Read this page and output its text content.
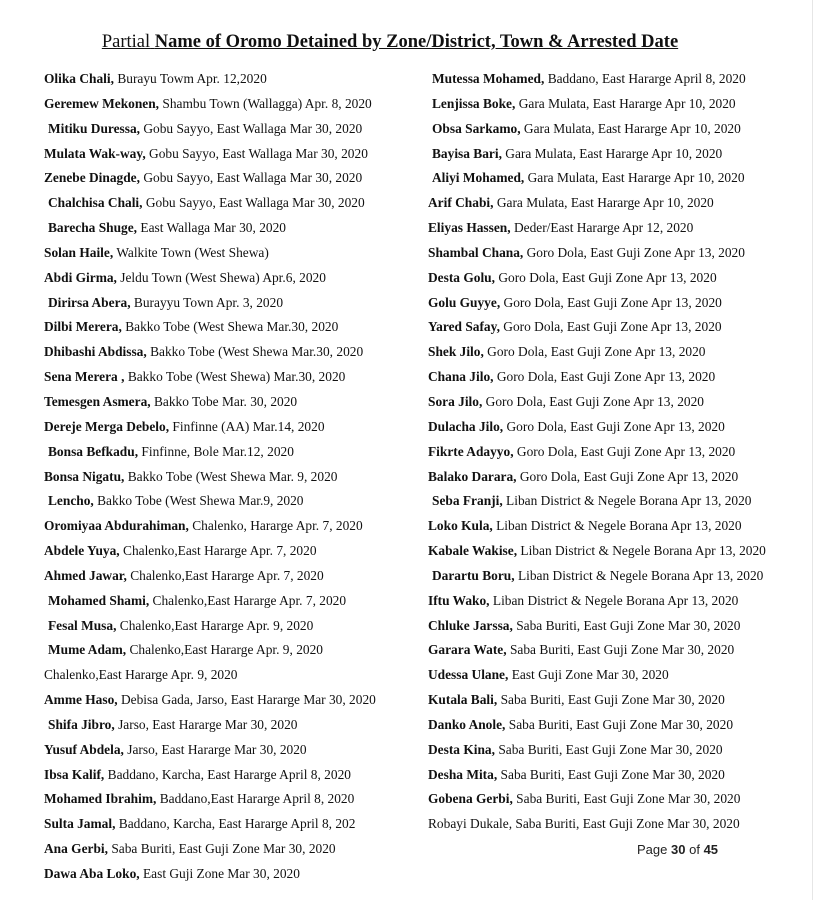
Partial Name of Oromo Detained by Zone/District, Town & Arrested Date
Olika Chali, Burayu Towm Apr. 12,2020
Geremew Mekonen, Shambu Town (Wallagga) Apr. 8, 2020
Mitiku Duressa, Gobu Sayyo, East Wallaga Mar 30, 2020
Mulata Wak-way, Gobu Sayyo, East Wallaga Mar 30, 2020
Zenebe Dinagde, Gobu Sayyo, East Wallaga Mar 30, 2020
Chalchisa Chali, Gobu Sayyo, East Wallaga Mar 30, 2020
Barecha Shuge, East Wallaga Mar 30, 2020
Solan Haile, Walkite Town (West Shewa)
Abdi Girma, Jeldu Town (West Shewa) Apr.6, 2020
Dirirsa Abera, Burayyu Town Apr. 3, 2020
Dilbi Merera, Bakko Tobe (West Shewa Mar.30, 2020
Dhibashi Abdissa, Bakko Tobe (West Shewa Mar.30, 2020
Sena Merera , Bakko Tobe (West Shewa) Mar.30, 2020
Temesgen Asmera, Bakko Tobe Mar. 30, 2020
Dereje Merga Debelo, Finfinne (AA) Mar.14, 2020
Bonsa Befkadu, Finfinne, Bole Mar.12, 2020
Bonsa Nigatu, Bakko Tobe (West Shewa Mar. 9, 2020
Lencho, Bakko Tobe (West Shewa Mar.9, 2020
Oromiyaa Abdurahiman, Chalenko, Hararge Apr. 7, 2020
Abdele Yuya, Chalenko,East Hararge Apr. 7, 2020
Ahmed Jawar, Chalenko,East Hararge Apr. 7, 2020
Mohamed Shami, Chalenko,East Hararge Apr. 7, 2020
Fesal Musa, Chalenko,East Hararge Apr. 9, 2020
Mume Adam, Chalenko,East Hararge Apr. 9, 2020
Chalenko,East Hararge Apr. 9, 2020
Amme Haso, Debisa Gada, Jarso, East Hararge Mar 30, 2020
Shifa Jibro, Jarso, East Hararge Mar 30, 2020
Yusuf Abdela, Jarso, East Hararge Mar 30, 2020
Ibsa Kalif, Baddano, Karcha, East Hararge April 8, 2020
Mohamed Ibrahim, Baddano,East Hararge April 8, 2020
Sulta Jamal, Baddano, Karcha, East Hararge April 8, 202
Ana Gerbi, Saba Buriti, East Guji Zone Mar 30, 2020
Dawa Aba Loko, East Guji Zone Mar 30, 2020
Mutessa Mohamed, Baddano, East Hararge April 8, 2020
Lenjissa Boke, Gara Mulata, East Hararge Apr 10, 2020
Obsa Sarkamo, Gara Mulata, East Hararge Apr 10, 2020
Bayisa Bari, Gara Mulata, East Hararge Apr 10, 2020
Aliyi Mohamed, Gara Mulata, East Hararge Apr 10, 2020
Arif Chabi, Gara Mulata, East Hararge Apr 10, 2020
Eliyas Hassen, Deder/East Hararge Apr 12, 2020
Shambal Chana, Goro Dola, East Guji Zone Apr 13, 2020
Desta Golu, Goro Dola, East Guji Zone Apr 13, 2020
Golu Guyye, Goro Dola, East Guji Zone Apr 13, 2020
Yared Safay, Goro Dola, East Guji Zone Apr 13, 2020
Shek Jilo, Goro Dola, East Guji Zone Apr 13, 2020
Chana Jilo, Goro Dola, East Guji Zone Apr 13, 2020
Sora Jilo, Goro Dola, East Guji Zone Apr 13, 2020
Dulacha Jilo, Goro Dola, East Guji Zone Apr 13, 2020
Fikrte Adayyo, Goro Dola, East Guji Zone Apr 13, 2020
Balako Darara, Goro Dola, East Guji Zone Apr 13, 2020
Seba Franji, Liban District & Negele Borana Apr 13, 2020
Loko Kula, Liban District & Negele Borana Apr 13, 2020
Kabale Wakise, Liban District & Negele Borana Apr 13, 2020
Darartu Boru, Liban District & Negele Borana Apr 13, 2020
Iftu Wako, Liban District & Negele Borana Apr 13, 2020
Chluke Jarssa, Saba Buriti, East Guji Zone Mar 30, 2020
Garara Wate, Saba Buriti, East Guji Zone Mar 30, 2020
Udessa Ulane, East Guji Zone Mar 30, 2020
Kutala Bali, Saba Buriti, East Guji Zone Mar 30, 2020
Danko Anole, Saba Buriti, East Guji Zone Mar 30, 2020
Desta Kina, Saba Buriti, East Guji Zone Mar 30, 2020
Desha Mita, Saba Buriti, East Guji Zone Mar 30, 2020
Gobena Gerbi, Saba Buriti, East Guji Zone Mar 30, 2020
Robayi Dukale, Saba Buriti, East Guji Zone Mar 30, 2020
Page 30 of 45
